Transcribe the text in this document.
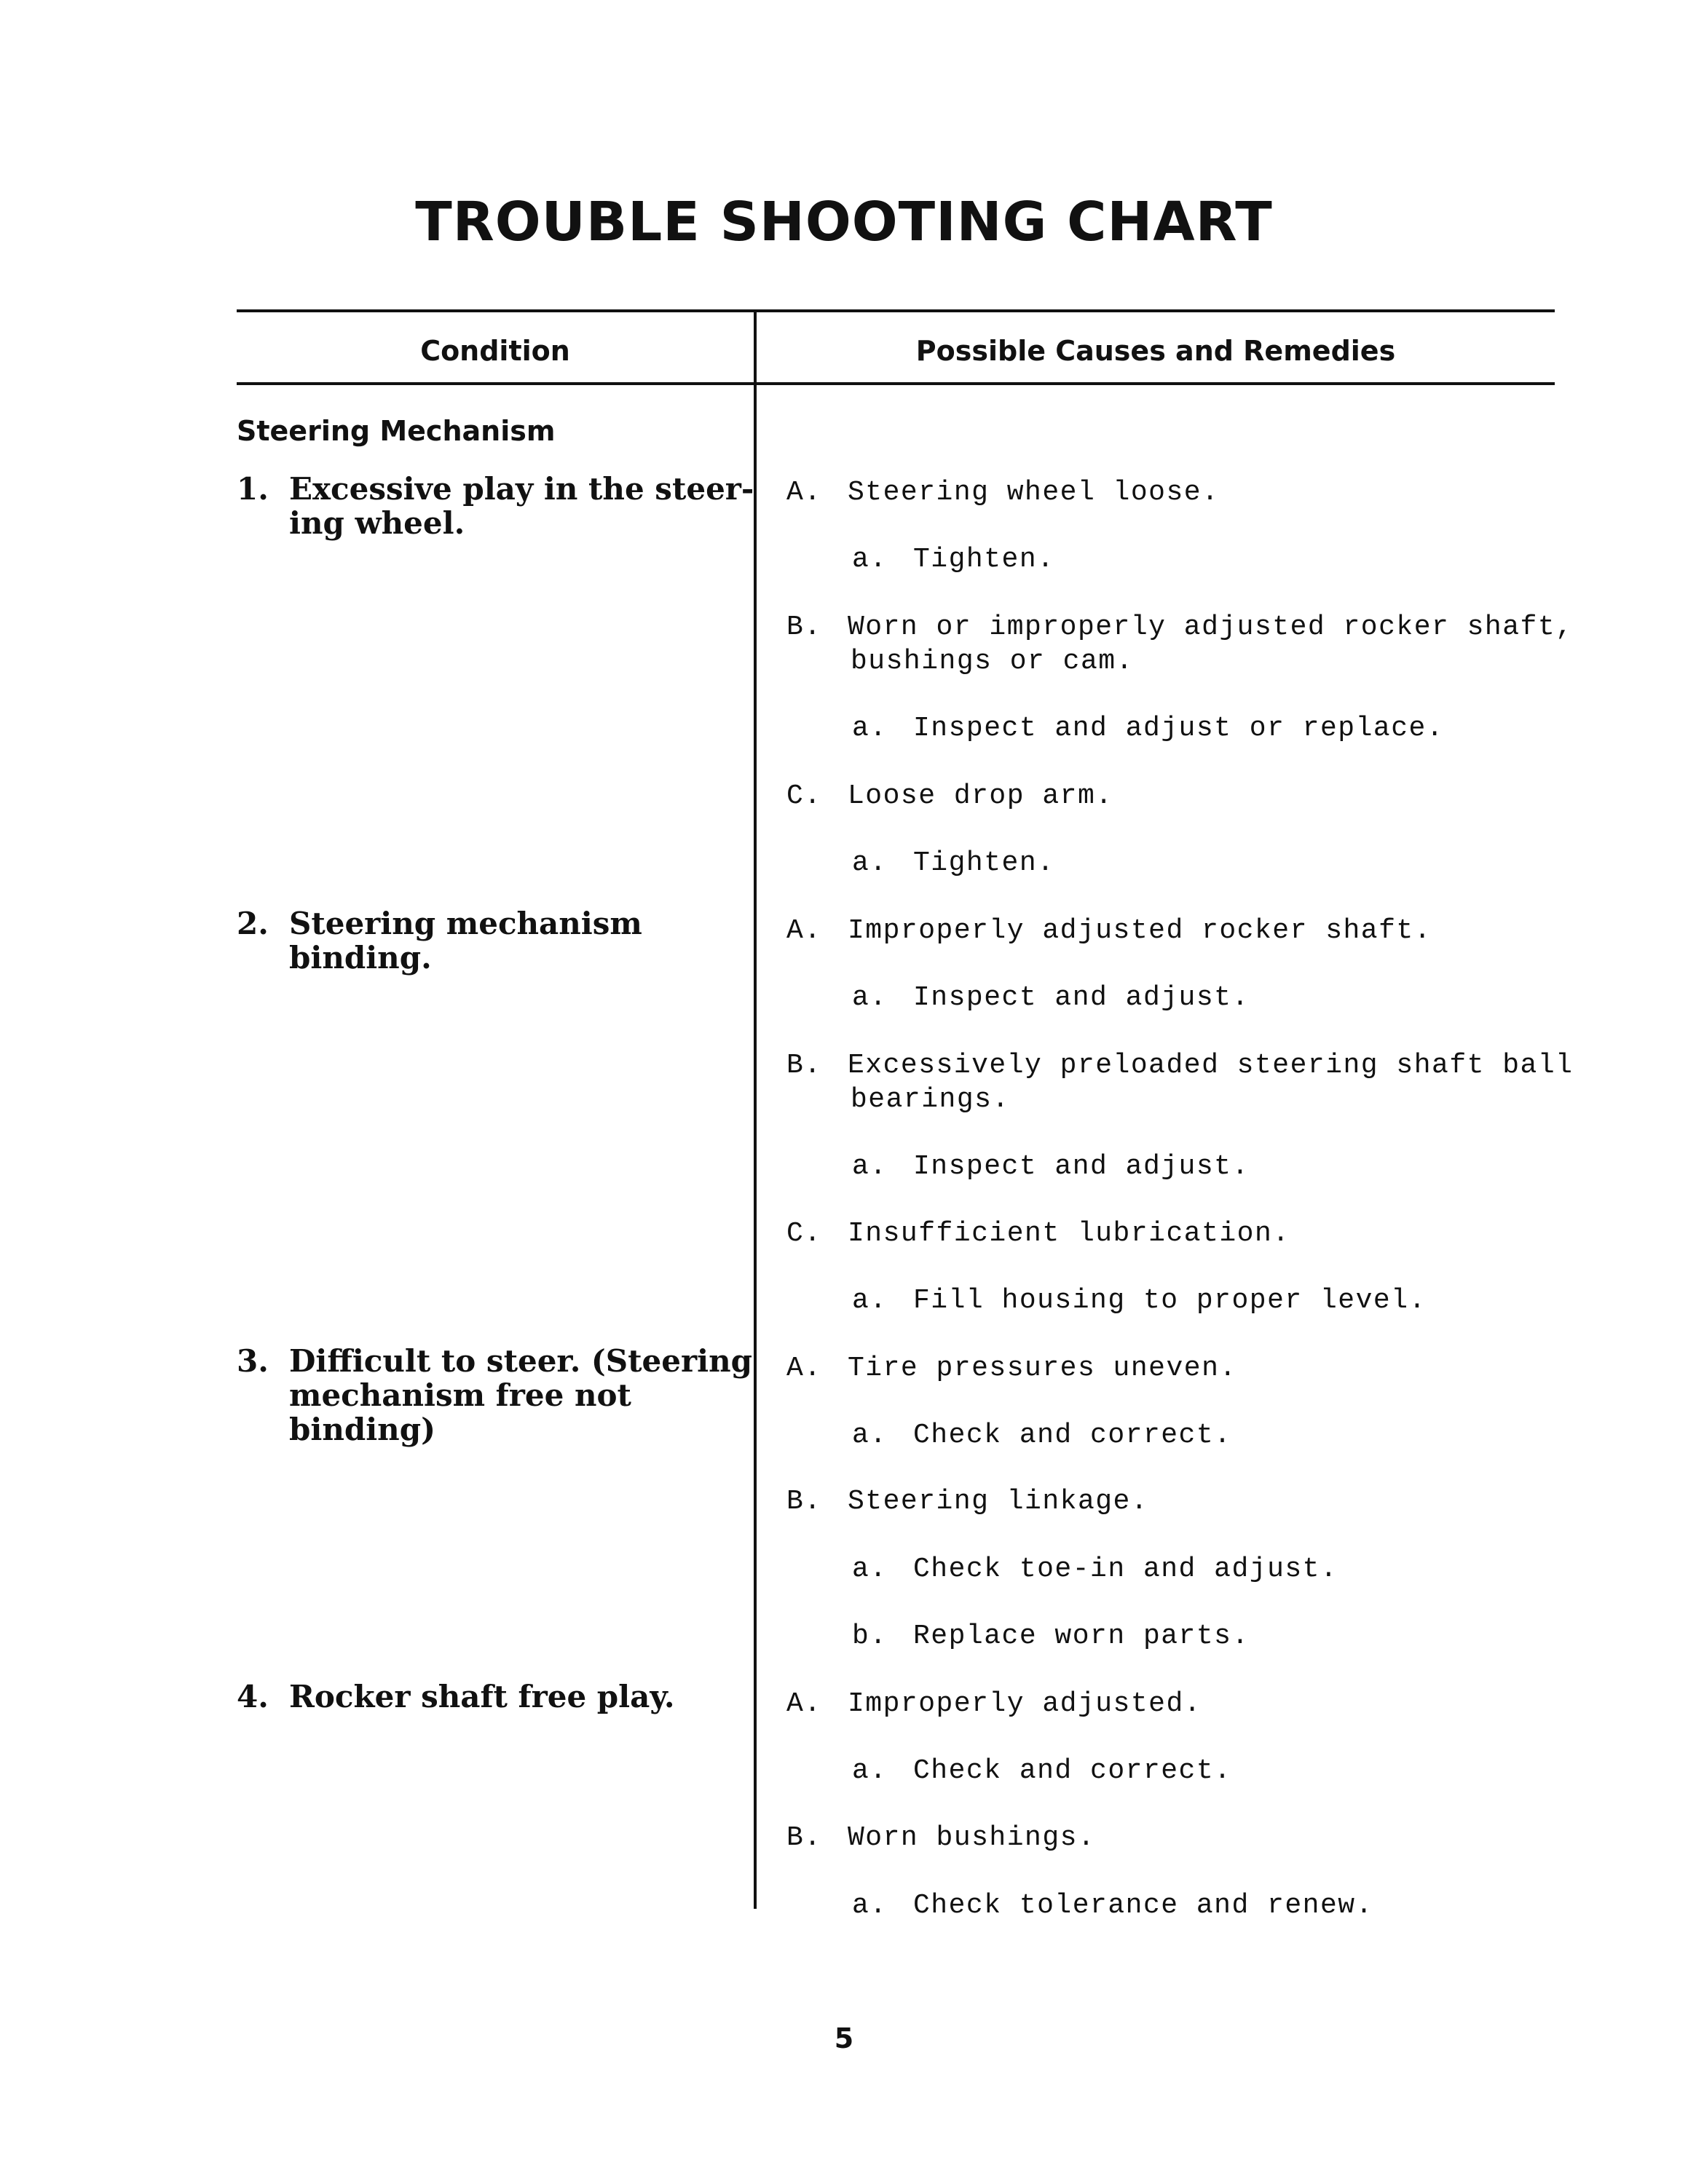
TROUBLE SHOOTING CHART
Condition	Possible Causes and Remedies
Steering Mechanism
1. Excessive play in the steer- ing wheel.
2. Steering mechanism binding.
3. Difficult to steer. (Steering mechanism free not binding)
4. Rocker shaft free play.
A. Steering wheel loose.
a. Tighten.
B. Worn or improperly adjusted rocker shaft,
bushings or cam.
a. Inspect and adjust or replace.
C. Loose drop arm.
a. Tighten.
A. Improperly adjusted rocker shaft.
a. Inspect and adjust.
B. Excessively preloaded steering shaft ball
bearings.
a. Inspect and adjust.
C. Insufficient lubrication.
a. Fill housing to proper level.
A. Tire pressures uneven.
a. Check and correct.
B. Steering linkage.
a. Check toe-in and adjust.
b. Replace worn parts.
A. Improperly adjusted.
a. Check and correct.
B. Worn bushings.
a. Check tolerance and renew.
5
